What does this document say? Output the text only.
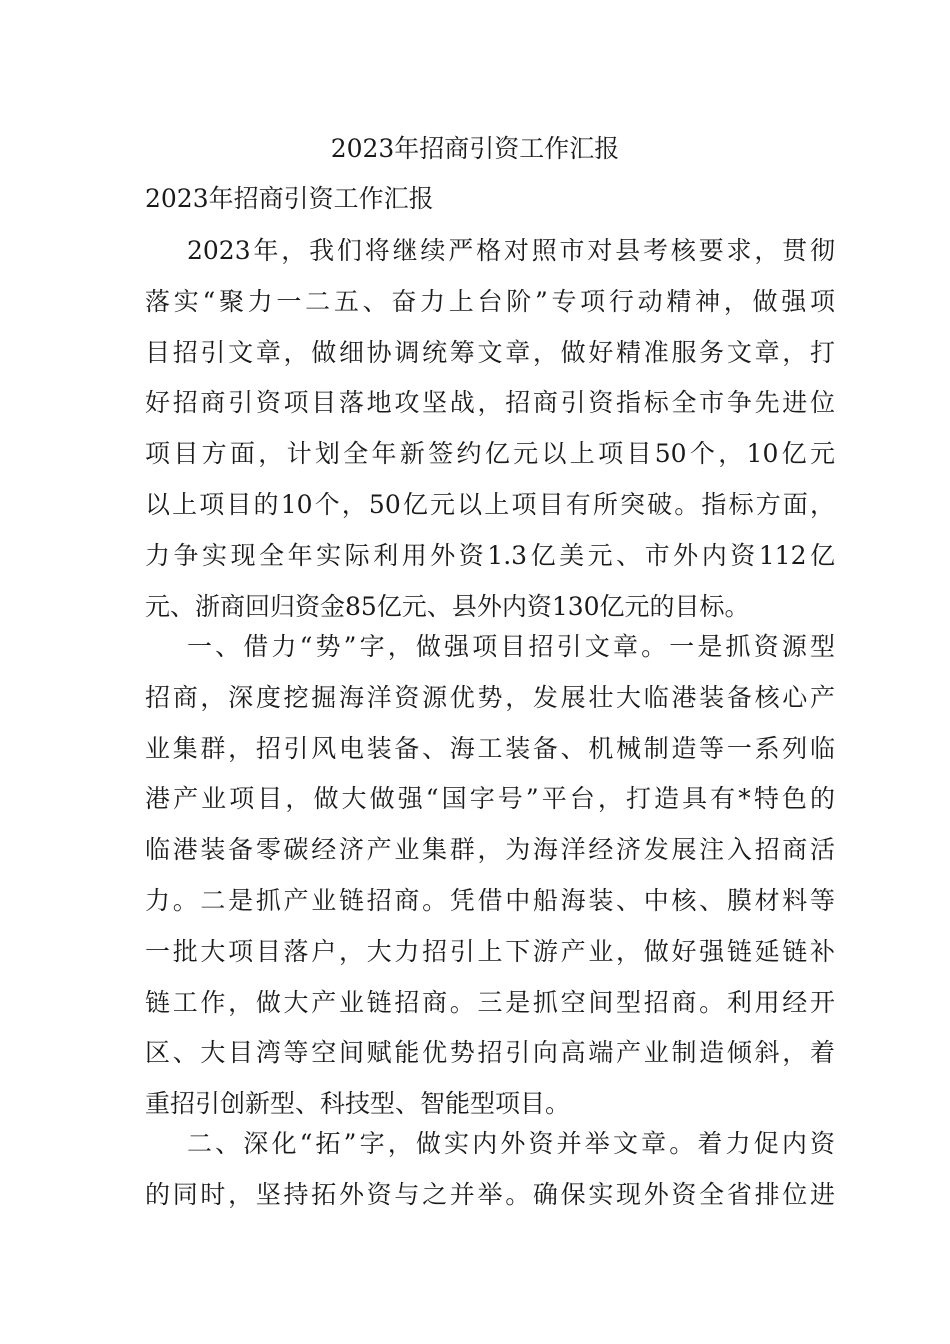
2023年招商引资工作汇报

2023年招商引资工作汇报

2023年，我们将继续严格对照市对县考核要求，贯彻
落实“聚力一二五、奋力上台阶”专项行动精神，做强项
目招引文章，做细协调统筹文章，做好精准服务文章，打
好招商引资项目落地攻坚战，招商引资指标全市争先进位
项目方面，计划全年新签约亿元以上项目50个，10亿元
以上项目的10个，50亿元以上项目有所突破。指标方面，
力争实现全年实际利用外资1.3亿美元、市外内资112亿
元、浙商回归资金85亿元、县外内资130亿元的目标。
一、借力“势”字，做强项目招引文章。一是抓资源型
招商，深度挖掘海洋资源优势，发展壮大临港装备核心产
业集群，招引风电装备、海工装备、机械制造等一系列临
港产业项目，做大做强“国字号”平台，打造具有*特色的
临港装备零碳经济产业集群，为海洋经济发展注入招商活
力。二是抓产业链招商。凭借中船海装、中核、膜材料等
一批大项目落户，大力招引上下游产业，做好强链延链补
链工作，做大产业链招商。三是抓空间型招商。利用经开
区、大目湾等空间赋能优势招引向高端产业制造倾斜，着
重招引创新型、科技型、智能型项目。
二、深化“拓”字，做实内外资并举文章。着力促内资
的同时，坚持拓外资与之并举。确保实现外资全省排位进
